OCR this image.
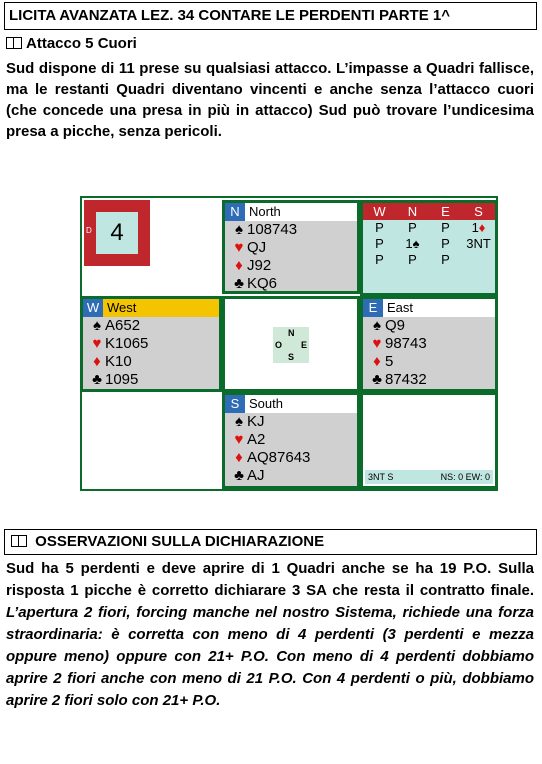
LICITA AVANZATA LEZ. 34 CONTARE LE PERDENTI PARTE 1^
Attacco 5 Cuori
Sud dispone di 11 prese su qualsiasi attacco. L’impasse a Quadri fallisce, ma le restanti Quadri diventano vincenti e anche senza l’attacco cuori (che concede una presa in più in attacco) Sud può trovare l’undicesima presa a picche, senza pericoli.
D 4
N North
♠ 108743
♥ QJ
♦ J92
♣ KQ6
W	N	E	S
P	P	P	1♦
P	1♠	P	3NT
P	P	P
W West
♠ A652
♥ K1065
♦ K10
♣ 1095
N
O E
S
E East
♠ Q9
♥ 98743
♦ 5
♣ 87432
S South
♠ KJ
♥ A2
♦ AQ87643
♣ AJ	3NT S	NS: 0 EW: 0
OSSERVAZIONI SULLA DICHIARAZIONE
Sud ha 5 perdenti e deve aprire di 1 Quadri anche se ha 19 P.O. Sulla risposta 1 picche è corretto dichiarare 3 SA che resta il contratto finale. L’apertura 2 fiori, forcing manche nel nostro Sistema, richiede una forza straordinaria: è corretta con meno di 4 perdenti (3 perdenti e mezza oppure meno) oppure con 21+ P.O. Con meno di 4 perdenti dobbiamo aprire 2 fiori anche con meno di 21 P.O. Con 4 perdenti o più, dobbiamo aprire 2 fiori solo con 21+ P.O.
